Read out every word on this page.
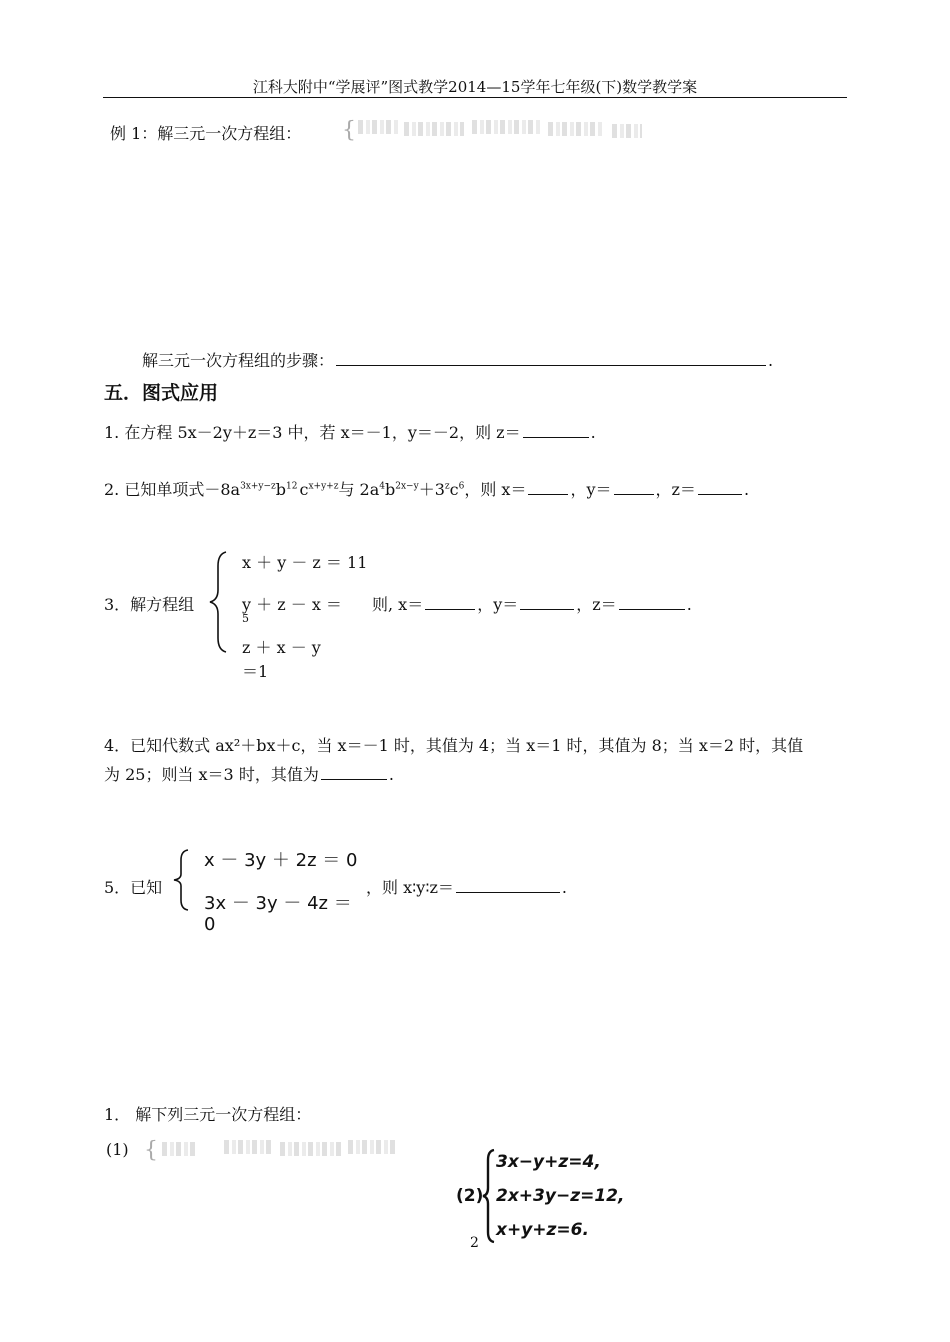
江科大附中“学展评”图式教学2014—15学年七年级(下)数学教学案
例 1：解三元一次方程组： {
解三元一次方程组的步骤：	.
五．图式应用
1. 在方程 5x－2y＋z＝3 中，若 x＝－1，y＝－2，则 z＝	.
2. 已知单项式$-8a^{3x+y-z}b^{12}$ $c^{x+y+z}$与 $2a^4b^{2x-y}+3^zc^6$，则 x＝	，y＝	，z＝	.
3．解方程组
x ＋ y － z ＝ 11
y ＋ z － x ＝
5
z ＋ x － y
＝1
则, x＝	，y＝	，z＝	.
4．已知代数式 ax²＋bx＋c，当 x＝－1 时，其值为 4；当 x＝1 时，其值为 8；当 x＝2 时，其值
为 25；则当 x＝3 时，其值为	.
5．已知
x － 3y ＋ 2z ＝ 0
3x － 3y － 4z ＝
0
，则 x∶y∶z＝	.
1． 解下列三元一次方程组：
(1) {
(2)
3x−y+z=4,
2x+3y−z=12,
x+y+z=6.
2
